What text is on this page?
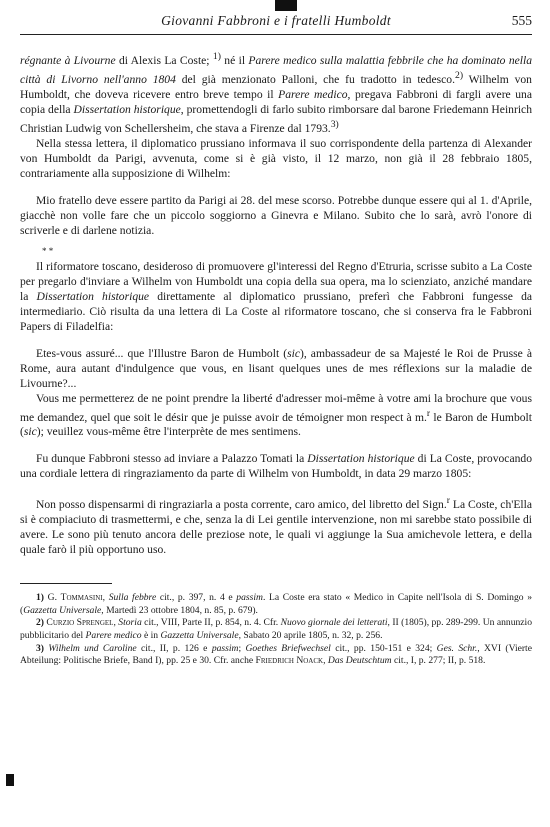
Giovanni Fabbroni e i fratelli Humboldt	555

régnante à Livourne di Alexis La Coste; $^{1)}$ né il Parere medico sulla malattia febbrile che ha dominato nella città di Livorno nell'anno 1804 del già menzionato Palloni, che fu tradotto in tedesco.$^{2)}$ Wilhelm von Humboldt, che doveva ricevere entro breve tempo il Parere medico, pregava Fabbroni di fargli avere una copia della Dissertation historique, promettendogli di farlo subito rimborsare dal barone Friedemann Heinrich Christian Ludwig von Schellersheim, che stava a Firenze dal 1793.$^{3)}$

Nella stessa lettera, il diplomatico prussiano informava il suo corrispondente della partenza di Alexander von Humboldt da Parigi, avvenuta, come si è già visto, il 12 marzo, non già il 28 febbraio 1805, contrariamente alla supposizione di Wilhelm:

Mio fratello deve essere partito da Parigi ai 28. del mese scorso. Potrebbe dunque essere qui al 1. d'Aprile, giacchè non volle fare che un piccolo soggiorno a Ginevra e Milano. Subito che lo sarà, avrò l'onore di scriverle e di darlene notizia.

* *

Il riformatore toscano, desideroso di promuovere gl'interessi del Regno d'Etruria, scrisse subito a La Coste per pregarlo d'inviare a Wilhelm von Humboldt una copia della sua opera, ma lo scienziato, anziché mandare la Dissertation historique direttamente al diplomatico prussiano, preferì che Fabbroni fungesse da intermediario. Ciò risulta da una lettera di La Coste al riformatore toscano, che si conserva fra le Fabbroni Papers di Filadelfia:

Etes-vous assuré... que l'Illustre Baron de Humbolt (sic), ambassadeur de sa Majesté le Roi de Prusse à Rome, aura autant d'indulgence que vous, en lisant quelques unes de mes réflexions sur la maladie de Livourne?...

Vous me permetterez de ne point prendre la liberté d'adresser moi-même à votre ami la brochure que vous me demandez, quel que soit le désir que je puisse avoir de témoigner mon respect à m.$^r$ le Baron de Humbolt (sic); veuillez vous-même être l'interprète de mes sentimens.

Fu dunque Fabbroni stesso ad inviare a Palazzo Tomati la Dissertation historique di La Coste, provocando una cordiale lettera di ringraziamento da parte di Wilhelm von Humboldt, in data 29 marzo 1805:

Non posso dispensarmi di ringraziarla a posta corrente, caro amico, del libretto del Sign.$^r$ La Coste, ch'Ella si è compiaciuto di trasmettermi, e che, senza la di Lei gentile intervenzione, non mi sarebbe stato possibile di avere. Le sono più tenuto ancora delle preziose note, le quali vi aggiunge la Sua amichevole lettera, e della quale farò il più opportuno uso.

1) G. Tommasini, Sulla febbre cit., p. 397, n. 4 e passim. La Coste era stato « Medico in Capite nell'Isola di S. Domingo » (Gazzetta Universale, Martedì 23 ottobre 1804, n. 85, p. 679).

2) Curzio Sprengel, Storia cit., VIII, Parte II, p. 854, n. 4. Cfr. Nuovo giornale dei letterati, II (1805), pp. 289-299. Un annunzio pubblicitario del Parere medico è in Gazzetta Universale, Sabato 20 aprile 1805, n. 32, p. 256.

3) Wilhelm und Caroline cit., II, p. 126 e passim; Goethes Briefwechsel cit., pp. 150-151 e 324; Ges. Schr., XVI (Vierte Abteilung: Politische Briefe, Band I), pp. 25 e 30. Cfr. anche Friedrich Noack, Das Deutschtum cit., I, p. 277; II, p. 518.
